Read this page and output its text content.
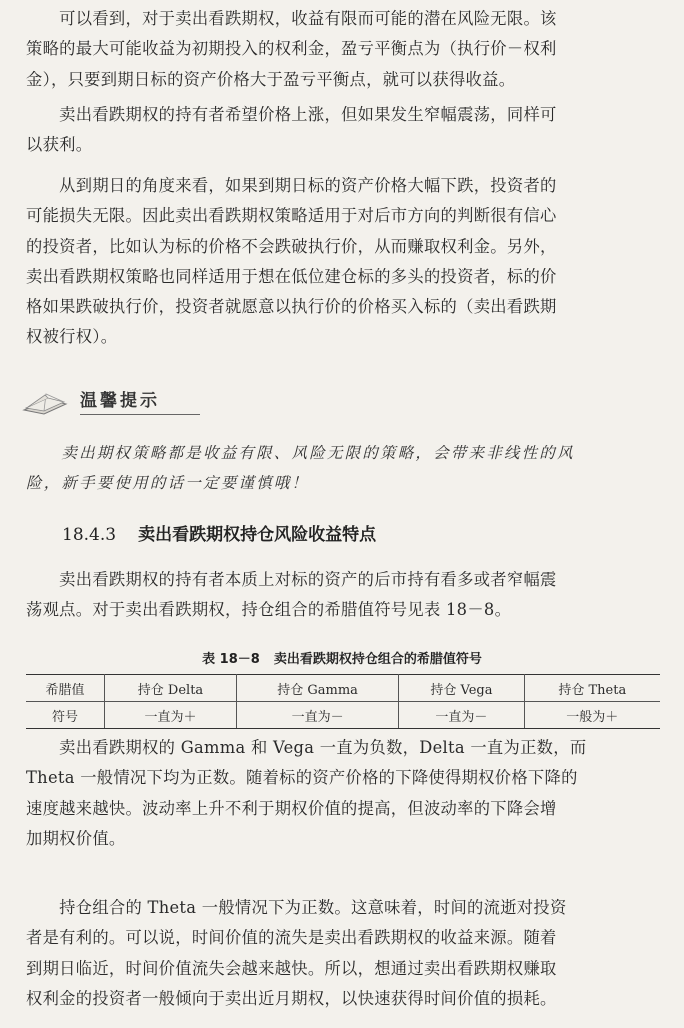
　　可以看到，对于卖出看跌期权，收益有限而可能的潜在风险无限。该
策略的最大可能收益为初期投入的权利金，盈亏平衡点为（执行价－权利
金），只要到期日标的资产价格大于盈亏平衡点，就可以获得收益。

　　卖出看跌期权的持有者希望价格上涨，但如果发生窄幅震荡，同样可
以获利。

　　从到期日的角度来看，如果到期日标的资产价格大幅下跌，投资者的
可能损失无限。因此卖出看跌期权策略适用于对后市方向的判断很有信心
的投资者，比如认为标的价格不会跌破执行价，从而赚取权利金。另外，
卖出看跌期权策略也同样适用于想在低位建仓标的多头的投资者，标的价
格如果跌破执行价，投资者就愿意以执行价的价格买入标的（卖出看跌期
权被行权）。

温馨提示
　　卖出期权策略都是收益有限、风险无限的策略，会带来非线性的风
险，新手要使用的话一定要谨慎哦！
18.4.3 卖出看跌期权持仓风险收益特点

　　卖出看跌期权的持有者本质上对标的资产的后市持有看多或者窄幅震
荡观点。对于卖出看跌期权，持仓组合的希腊值符号见表 18－8。

表 18－8 卖出看跌期权持仓组合的希腊值符号
希腊值	持仓 Delta	持仓 Gamma	持仓 Vega	持仓 Theta
符号	一直为＋	一直为－	一直为－	一般为＋

　　卖出看跌期权的 Gamma 和 Vega 一直为负数，Delta 一直为正数，而
Theta 一般情况下均为正数。随着标的资产价格的下降使得期权价格下降的
速度越来越快。波动率上升不利于期权价值的提高，但波动率的下降会增
加期权价值。

　　持仓组合的 Theta 一般情况下为正数。这意味着，时间的流逝对投资
者是有利的。可以说，时间价值的流失是卖出看跌期权的收益来源。随着
到期日临近，时间价值流失会越来越快。所以，想通过卖出看跌期权赚取
权利金的投资者一般倾向于卖出近月期权，以快速获得时间价值的损耗。
